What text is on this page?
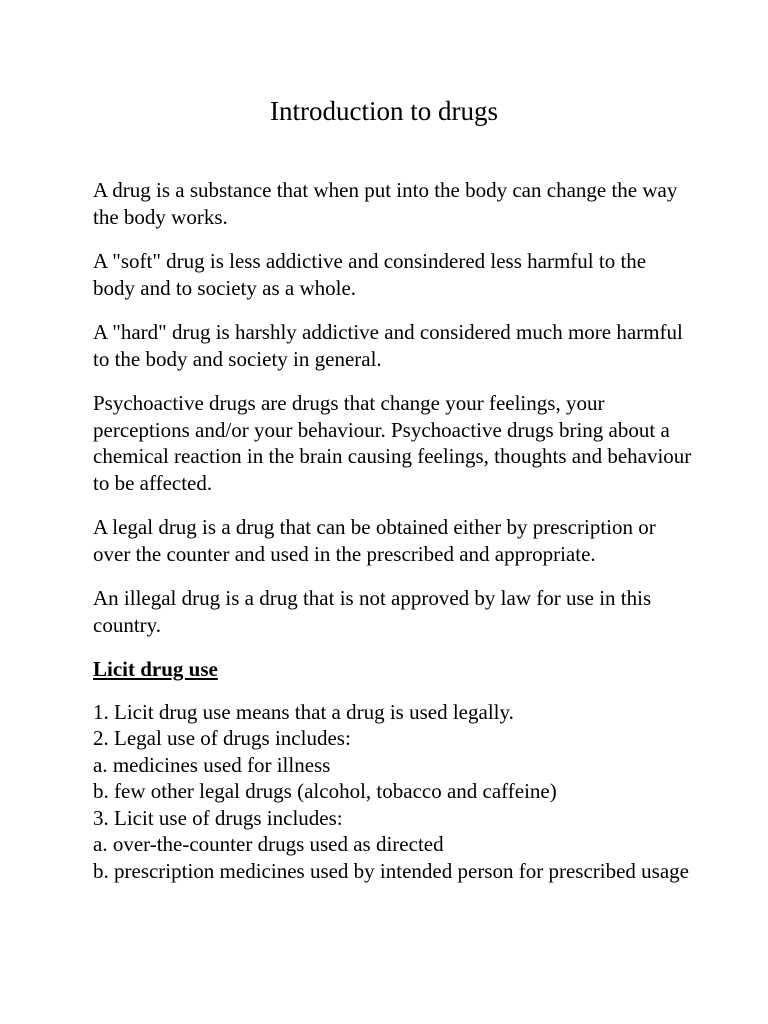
Introduction to drugs

A drug is a substance that when put into the body can change the way the body works.

A "soft" drug is less addictive and consindered less harmful to the body and to society as a whole.

A "hard" drug is harshly addictive and considered much more harmful to the body and society in general.

Psychoactive drugs are drugs that change your feelings, your perceptions and/or your behaviour. Psychoactive drugs bring about a chemical reaction in the brain causing feelings, thoughts and behaviour to be affected.

A legal drug is a drug that can be obtained either by prescription or over the counter and used in the prescribed and appropriate.

An illegal drug is a drug that is not approved by law for use in this country.

Licit drug use
1. Licit drug use means that a drug is used legally.
2. Legal use of drugs includes:
a. medicines used for illness
b. few other legal drugs (alcohol, tobacco and caffeine)
3. Licit use of drugs includes:
a. over-the-counter drugs used as directed
b. prescription medicines used by intended person for prescribed usage
